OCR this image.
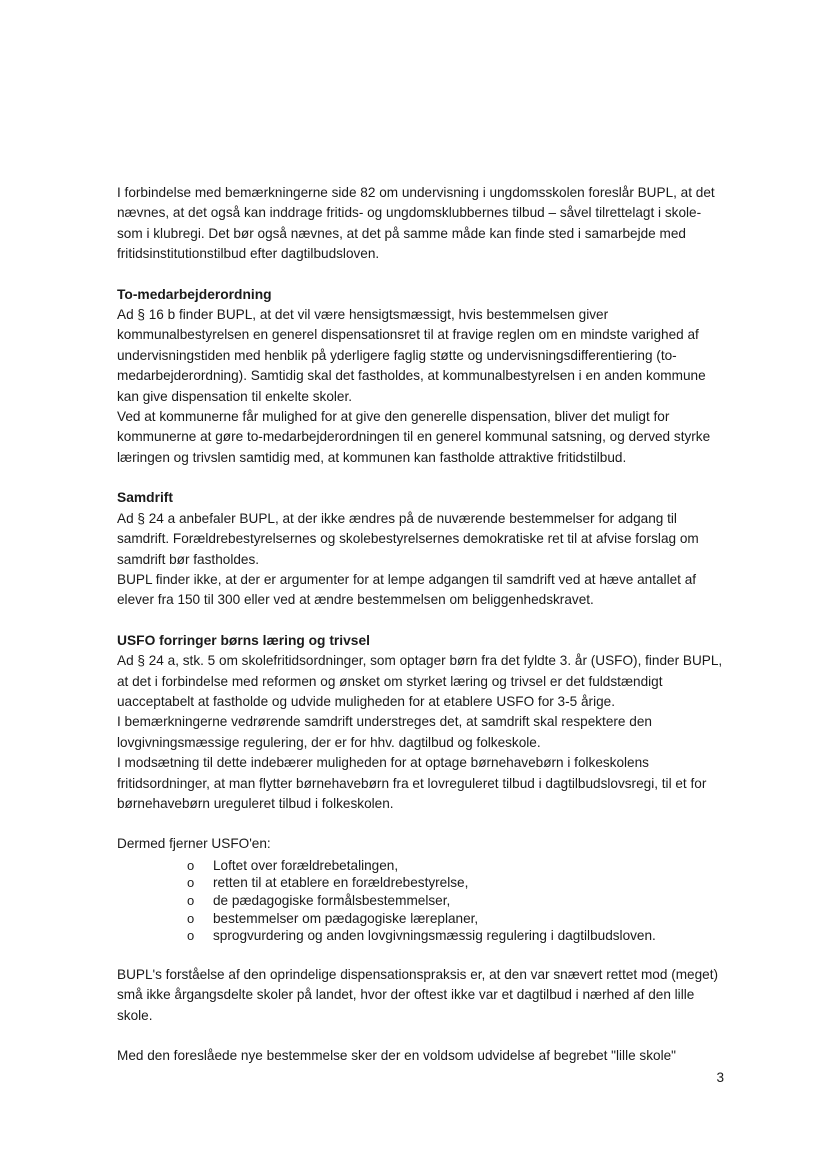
I forbindelse med bemærkningerne side 82 om undervisning i ungdomsskolen foreslår BUPL, at det nævnes, at det også kan inddrage fritids- og ungdomsklubbernes tilbud – såvel tilrettelagt i skole- som i klubregi. Det bør også nævnes, at det på samme måde kan finde sted i samarbejde med fritidsinstitutionstilbud efter dagtilbudsloven.

To-medarbejderordning

Ad § 16 b finder BUPL, at det vil være hensigtsmæssigt, hvis bestemmelsen giver kommunalbestyrelsen en generel dispensationsret til at fravige reglen om en mindste varighed af undervisningstiden med henblik på yderligere faglig støtte og undervisningsdifferentiering (to-medarbejderordning). Samtidig skal det fastholdes, at kommunalbestyrelsen i en anden kommune kan give dispensation til enkelte skoler.

Ved at kommunerne får mulighed for at give den generelle dispensation, bliver det muligt for kommunerne at gøre to-medarbejderordningen til en generel kommunal satsning, og derved styrke læringen og trivslen samtidig med, at kommunen kan fastholde attraktive fritidstilbud.

Samdrift

Ad § 24 a anbefaler BUPL, at der ikke ændres på de nuværende bestemmelser for adgang til samdrift. Forældrebestyrelsernes og skolebestyrelsernes demokratiske ret til at afvise forslag om samdrift bør fastholdes.

BUPL finder ikke, at der er argumenter for at lempe adgangen til samdrift ved at hæve antallet af elever fra 150 til 300 eller ved at ændre bestemmelsen om beliggenhedskravet.

USFO forringer børns læring og trivsel

Ad § 24 a, stk. 5 om skolefritidsordninger, som optager børn fra det fyldte 3. år (USFO), finder BUPL, at det i forbindelse med reformen og ønsket om styrket læring og trivsel er det fuldstændigt uacceptabelt at fastholde og udvide muligheden for at etablere USFO for 3-5 årige.

I bemærkningerne vedrørende samdrift understreges det, at samdrift skal respektere den lovgivningsmæssige regulering, der er for hhv. dagtilbud og folkeskole.

I modsætning til dette indebærer muligheden for at optage børnehavebørn i folkeskolens fritidsordninger, at man flytter børnehavebørn fra et lovreguleret tilbud i dagtilbudslovsregi, til et for børnehavebørn ureguleret tilbud i folkeskolen.

Dermed fjerner USFO'en:

o Loftet over forældrebetalingen,
o retten til at etablere en forældrebestyrelse,
o de pædagogiske formålsbestemmelser,
o bestemmelser om pædagogiske læreplaner,
o sprogvurdering og anden lovgivningsmæssig regulering i dagtilbudsloven.

BUPL's forståelse af den oprindelige dispensationspraksis er, at den var snævert rettet mod (meget) små ikke årgangsdelte skoler på landet, hvor der oftest ikke var et dagtilbud i nærhed af den lille skole.

Med den foreslåede nye bestemmelse sker der en voldsom udvidelse af begrebet "lille skole"

3
